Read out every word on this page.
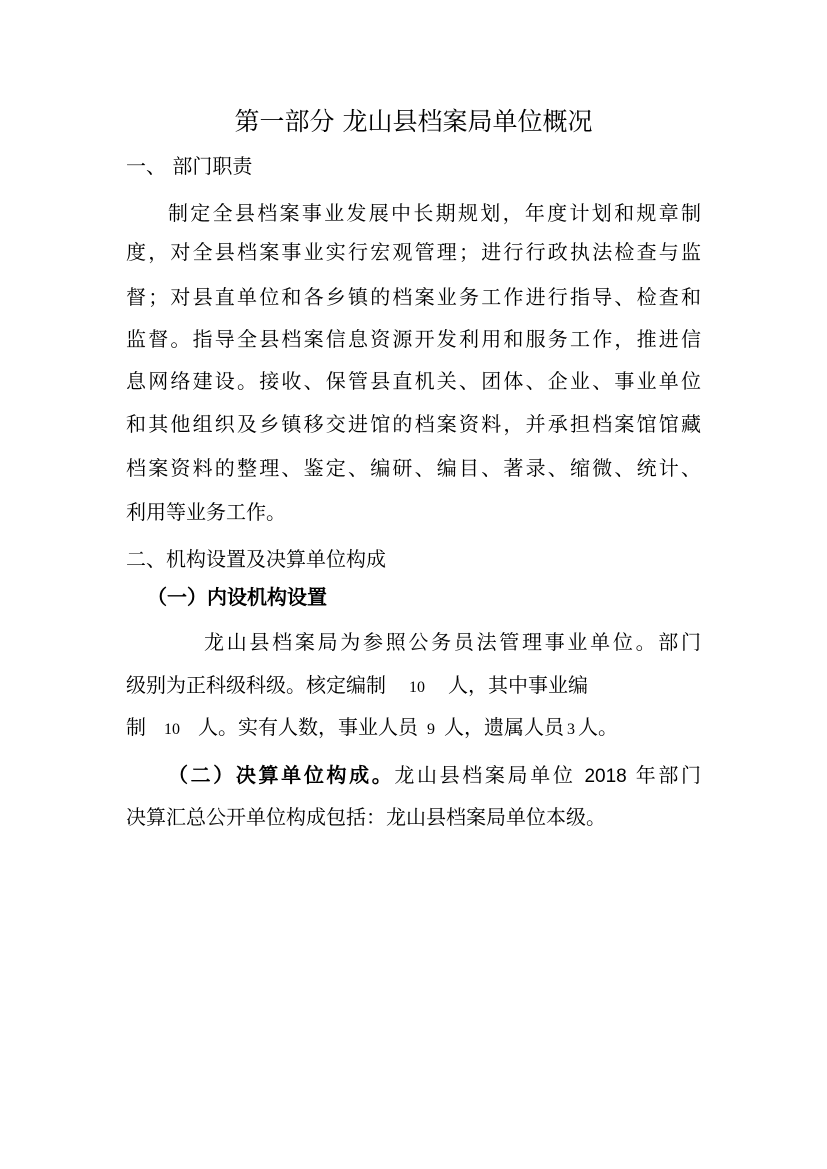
第一部分 龙山县档案局单位概况
一、 部门职责
制定全县档案事业发展中长期规划，年度计划和规章制
度，对全县档案事业实行宏观管理；进行行政执法检查与监
督；对县直单位和各乡镇的档案业务工作进行指导、检查和
监督。指导全县档案信息资源开发利用和服务工作，推进信
息网络建设。接收、保管县直机关、团体、企业、事业单位
和其他组织及乡镇移交进馆的档案资料，并承担档案馆馆藏
档案资料的整理、鉴定、编研、编目、著录、缩微、统计、
利用等业务工作。
二、机构设置及决算单位构成
（一）内设机构设置
龙山县档案局为参照公务员法管理事业单位。部门
级别为正科级科级。核定编制 10 人，其中事业编
制 10 人。实有人数，事业人员 9 人，遗属人员 3 人。
（二）决算单位构成。龙山县档案局单位 2018 年部门
决算汇总公开单位构成包括：龙山县档案局单位本级。
